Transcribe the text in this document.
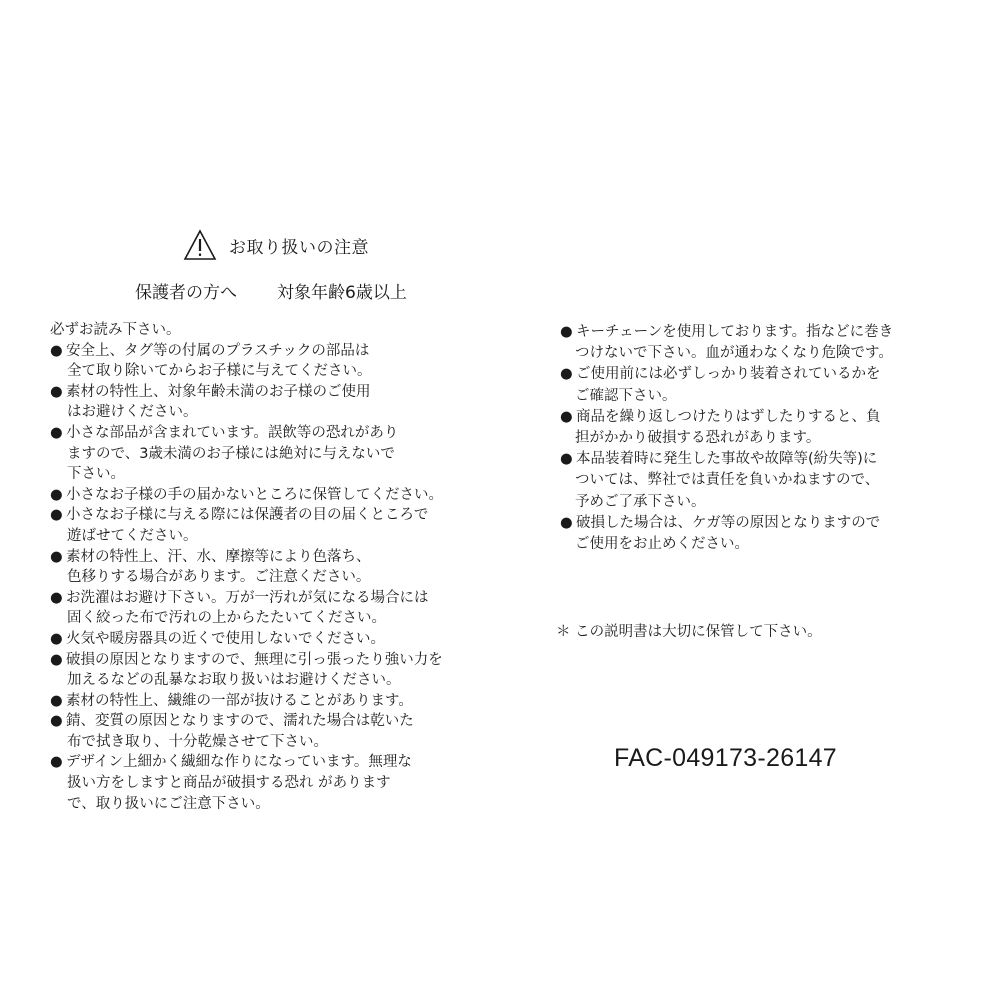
お取り扱いの注意
保護者の方へ 対象年齢6歳以上
必ずお読み下さい。
● 安全上、タグ等の付属のプラスチックの部品は
全て取り除いてからお子様に与えてください。
● 素材の特性上、対象年齢未満のお子様のご使用
はお避けください。
● 小さな部品が含まれています。誤飲等の恐れがあり
ますので、3歳未満のお子様には絶対に与えないで
下さい。
● 小さなお子様の手の届かないところに保管してください。
● 小さなお子様に与える際には保護者の目の届くところで
遊ばせてください。
● 素材の特性上、汗、水、摩擦等により色落ち、
色移りする場合があります。ご注意ください。
● お洗濯はお避け下さい。万が一汚れが気になる場合には
固く絞った布で汚れの上からたたいてください。
● 火気や暖房器具の近くで使用しないでください。
● 破損の原因となりますので、無理に引っ張ったり強い力を
加えるなどの乱暴なお取り扱いはお避けください。
● 素材の特性上、繊維の一部が抜けることがあります。
● 錆、変質の原因となりますので、濡れた場合は乾いた
布で拭き取り、十分乾燥させて下さい。
● デザイン上細かく繊細な作りになっています。無理な
扱い方をしますと商品が破損する恐れ があります
で、取り扱いにご注意下さい。
● キーチェーンを使用しております。指などに巻き
つけないで下さい。血が通わなくなり危険です。
● ご使用前には必ずしっかり装着されているかを
ご確認下さい。
● 商品を繰り返しつけたりはずしたりすると、負
担がかかり破損する恐れがあります。
● 本品装着時に発生した事故や故障等(紛失等)に
ついては、弊社では責任を負いかねますので、
予めご了承下さい。
● 破損した場合は、ケガ等の原因となりますので
ご使用をお止めください。
＊ この説明書は大切に保管して下さい。
FAC-049173-26147
